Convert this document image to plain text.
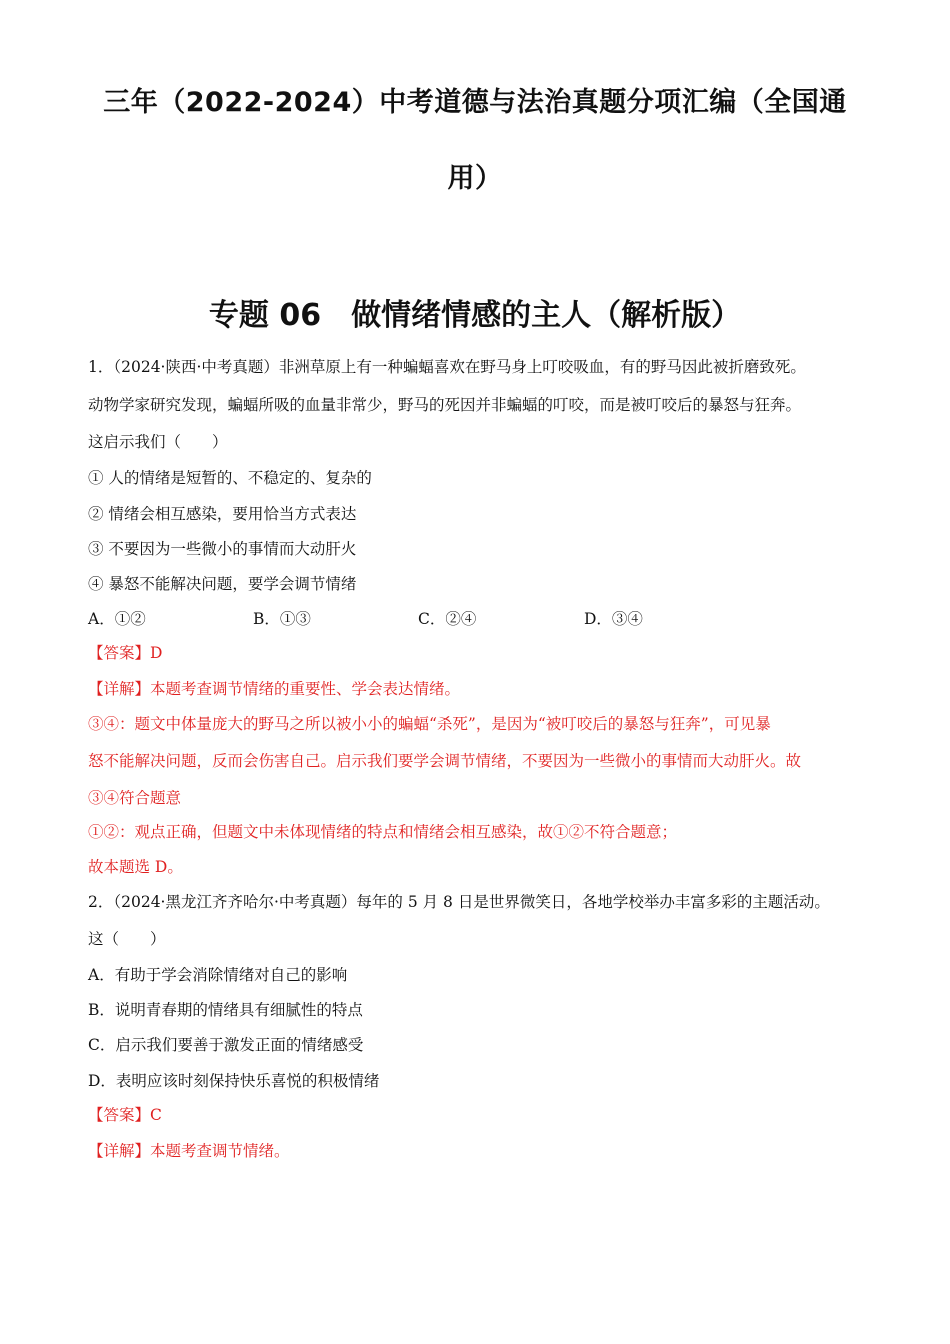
三年（2022-2024）中考道德与法治真题分项汇编（全国通
用）
专题 06　做情绪情感的主人（解析版）
1．（2024·陕西·中考真题）非洲草原上有一种蝙蝠喜欢在野马身上叮咬吸血，有的野马因此被折磨致死。
动物学家研究发现，蝙蝠所吸的血量非常少，野马的死因并非蝙蝠的叮咬，而是被叮咬后的暴怒与狂奔。
这启示我们（　　）
① 人的情绪是短暂的、不稳定的、复杂的
② 情绪会相互感染，要用恰当方式表达
③ 不要因为一些微小的事情而大动肝火
④ 暴怒不能解决问题，要学会调节情绪
A．①②	B．①③	C．②④	D．③④
【答案】D
【详解】本题考查调节情绪的重要性、学会表达情绪。
③④：题文中体量庞大的野马之所以被小小的蝙蝠“杀死”，是因为“被叮咬后的暴怒与狂奔”，可见暴
怒不能解决问题，反而会伤害自己。启示我们要学会调节情绪，不要因为一些微小的事情而大动肝火。故
③④符合题意
①②：观点正确，但题文中未体现情绪的特点和情绪会相互感染，故①②不符合题意；
故本题选 D。
2．（2024·黑龙江齐齐哈尔·中考真题）每年的 5 月 8 日是世界微笑日，各地学校举办丰富多彩的主题活动。
这（　　）
A．有助于学会消除情绪对自己的影响
B．说明青春期的情绪具有细腻性的特点
C．启示我们要善于激发正面的情绪感受
D．表明应该时刻保持快乐喜悦的积极情绪
【答案】C
【详解】本题考查调节情绪。
